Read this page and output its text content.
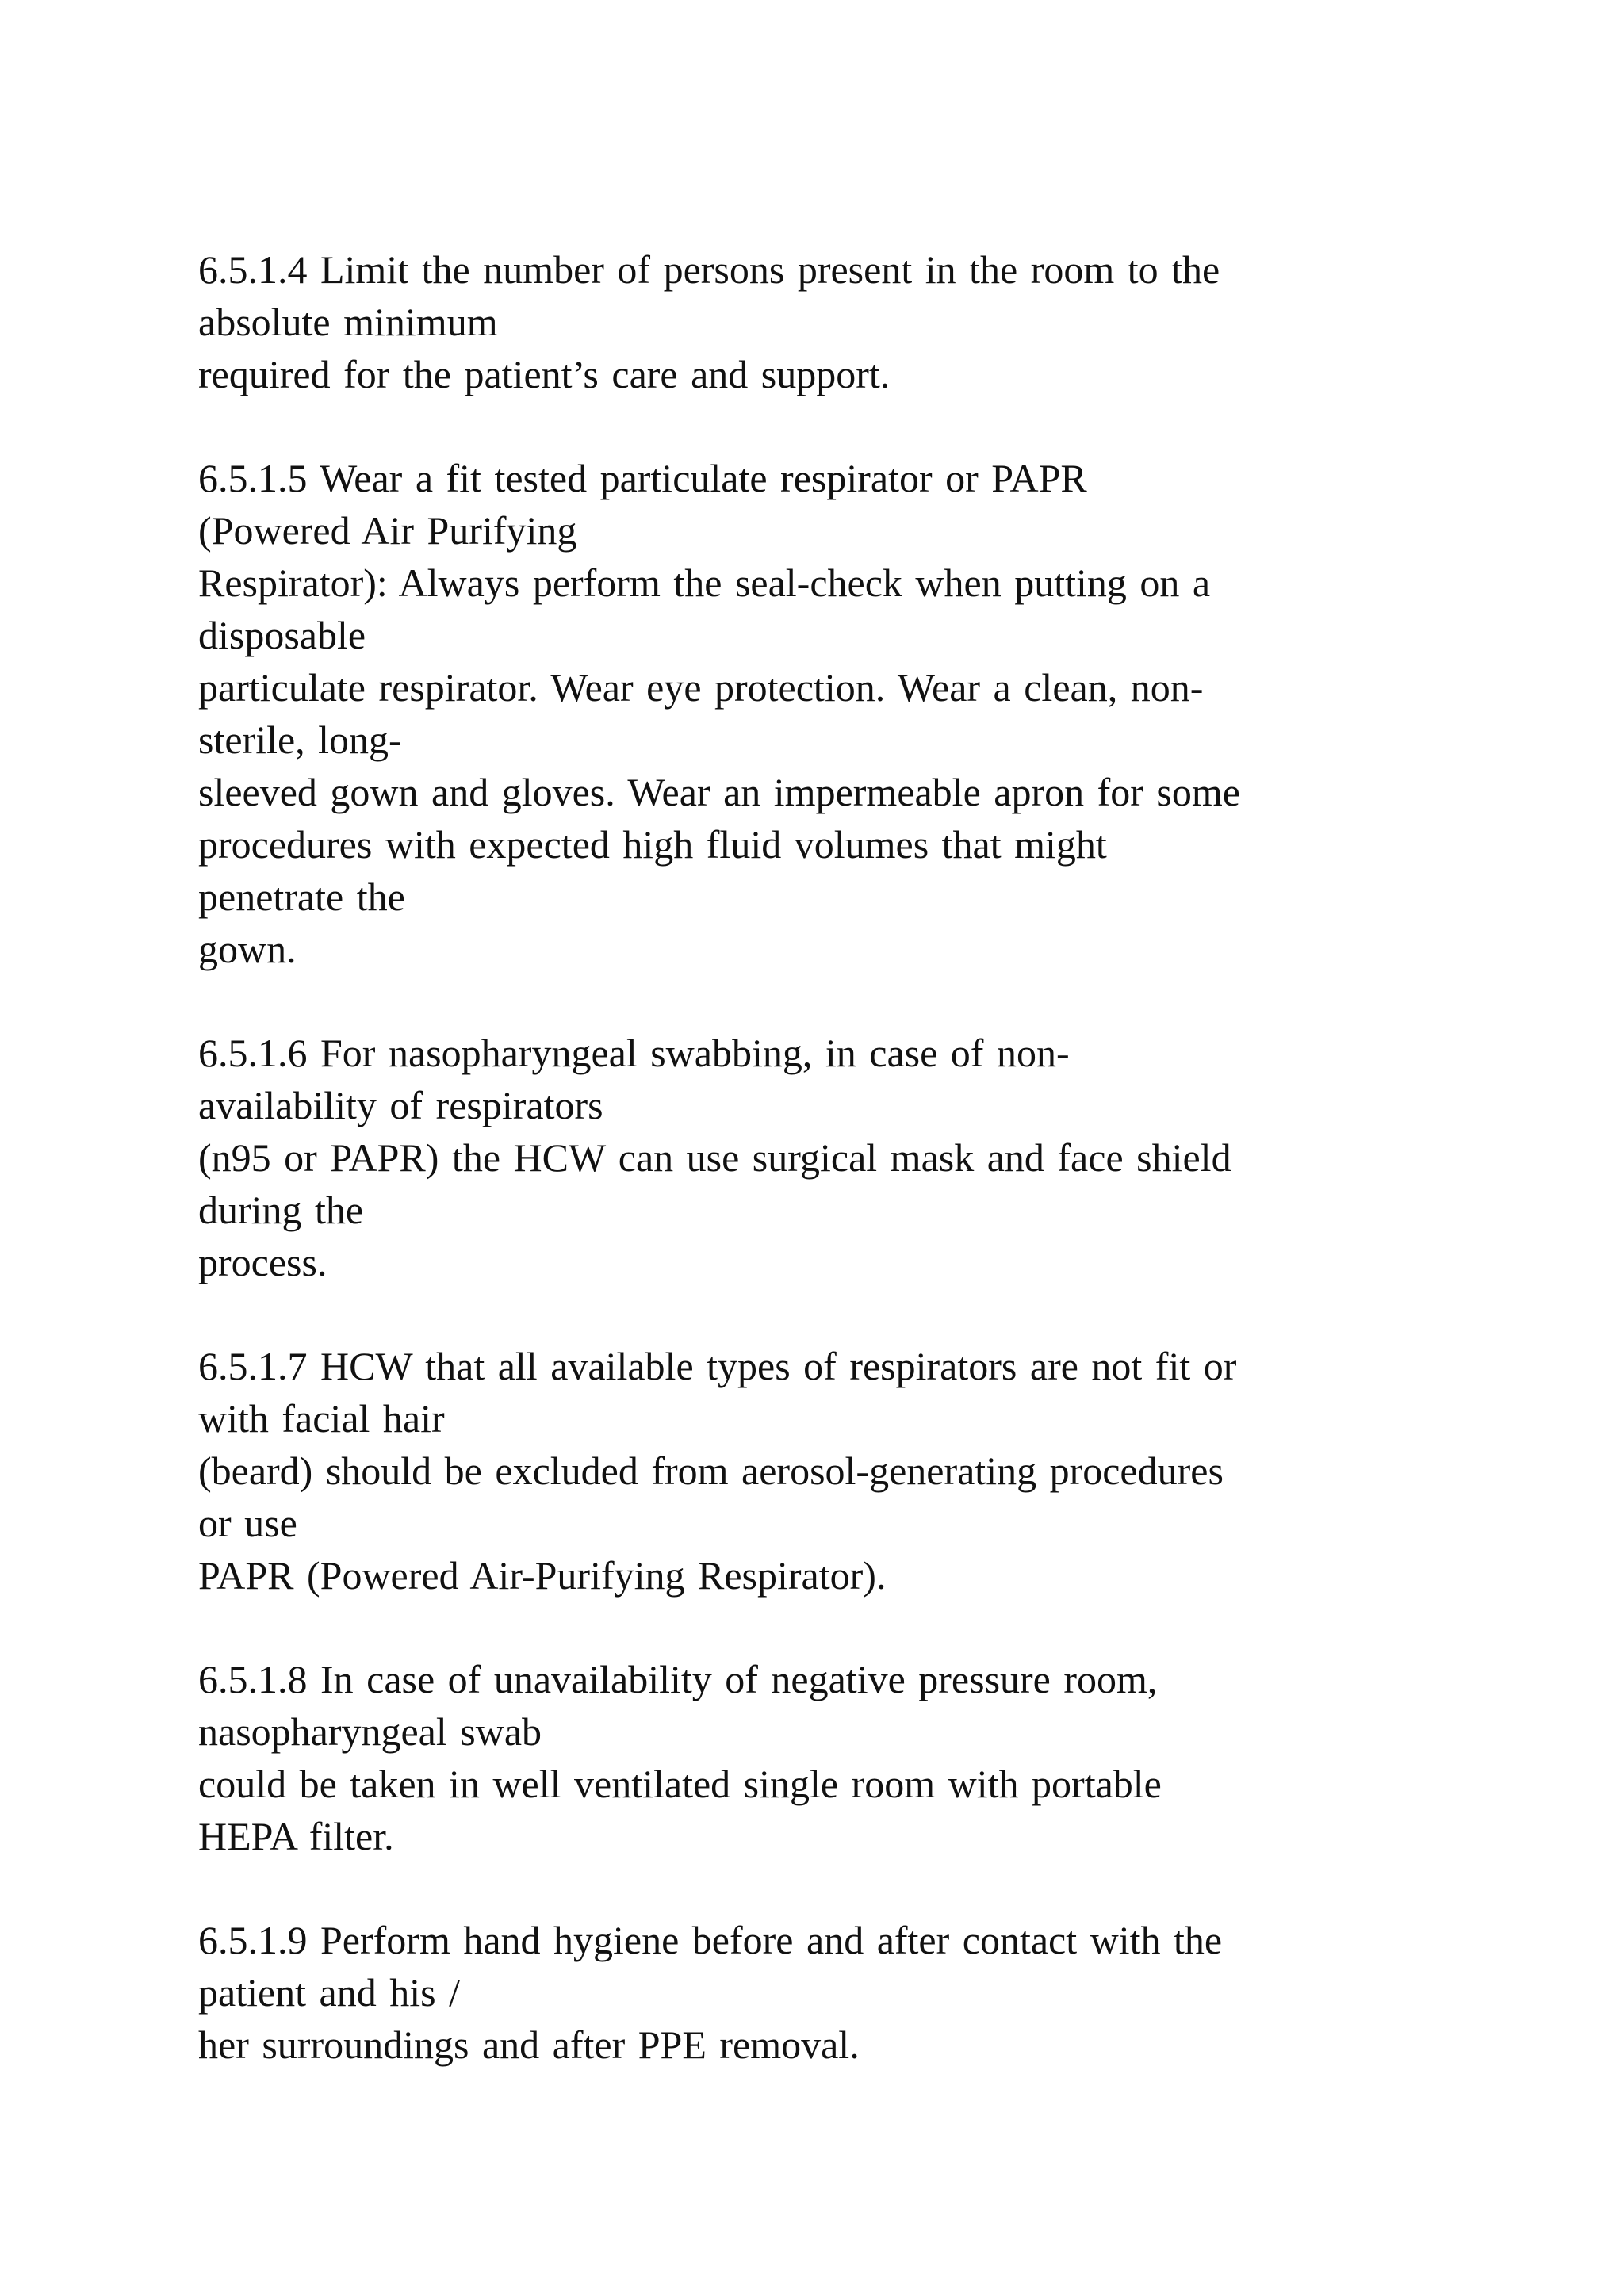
6.5.1.4 Limit the number of persons present in the room to the
absolute minimum
required for the patient’s care and support.
6.5.1.5 Wear a fit tested particulate respirator or PAPR
(Powered Air Purifying
Respirator): Always perform the seal-check when putting on a
disposable
particulate respirator. Wear eye protection. Wear a clean, non-
sterile, long-
sleeved gown and gloves. Wear an impermeable apron for some
procedures with expected high fluid volumes that might
penetrate the
gown.
6.5.1.6 For nasopharyngeal swabbing, in case of non-
availability of respirators
(n95 or PAPR) the HCW can use surgical mask and face shield
during the
process.
6.5.1.7 HCW that all available types of respirators are not fit or
with facial hair
(beard) should be excluded from aerosol-generating procedures
or use
PAPR (Powered Air-Purifying Respirator).
6.5.1.8 In case of unavailability of negative pressure room,
nasopharyngeal swab
could be taken in well ventilated single room with portable
HEPA filter.
6.5.1.9 Perform hand hygiene before and after contact with the
patient and his /
her surroundings and after PPE removal.
